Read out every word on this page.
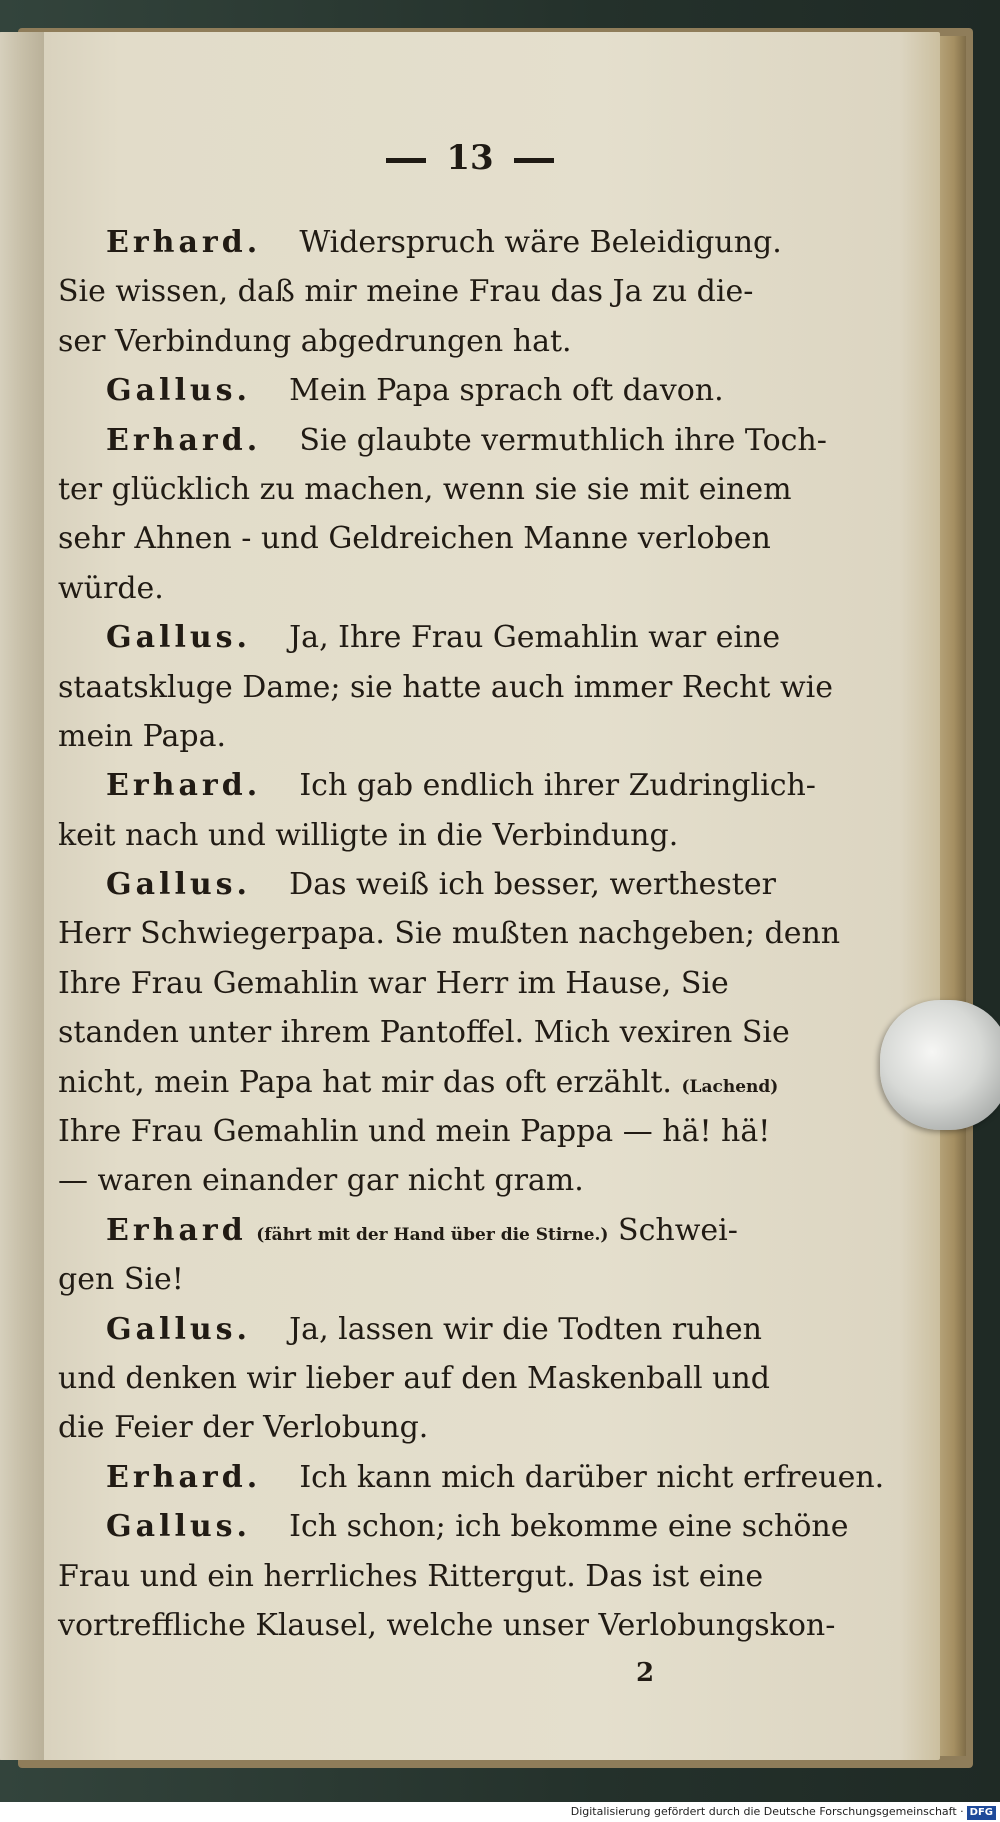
13
Erhard. Widerspruch wäre Beleidigung.
Sie wissen, daß mir meine Frau das Ja zu die-
ser Verbindung abgedrungen hat.
Gallus. Mein Papa sprach oft davon.
Erhard. Sie glaubte vermuthlich ihre Toch-
ter glücklich zu machen, wenn sie sie mit einem
sehr Ahnen - und Geldreichen Manne verloben
würde.
Gallus. Ja, Ihre Frau Gemahlin war eine
staatskluge Dame; sie hatte auch immer Recht wie
mein Papa.
Erhard. Ich gab endlich ihrer Zudringlich-
keit nach und willigte in die Verbindung.
Gallus. Das weiß ich besser, werthester
Herr Schwiegerpapa. Sie mußten nachgeben; denn
Ihre Frau Gemahlin war Herr im Hause, Sie
standen unter ihrem Pantoffel. Mich vexiren Sie
nicht, mein Papa hat mir das oft erzählt. (Lachend)
Ihre Frau Gemahlin und mein Pappa — hä! hä!
— waren einander gar nicht gram.
Erhard (fährt mit der Hand über die Stirne.) Schwei-
gen Sie!
Gallus. Ja, lassen wir die Todten ruhen
und denken wir lieber auf den Maskenball und
die Feier der Verlobung.
Erhard. Ich kann mich darüber nicht erfreuen.
Gallus. Ich schon; ich bekomme eine schöne
Frau und ein herrliches Rittergut. Das ist eine
vortreffliche Klausel, welche unser Verlobungskon-
2
Digitalisierung gefördert durch die Deutsche Forschungsgemeinschaft · DFG
